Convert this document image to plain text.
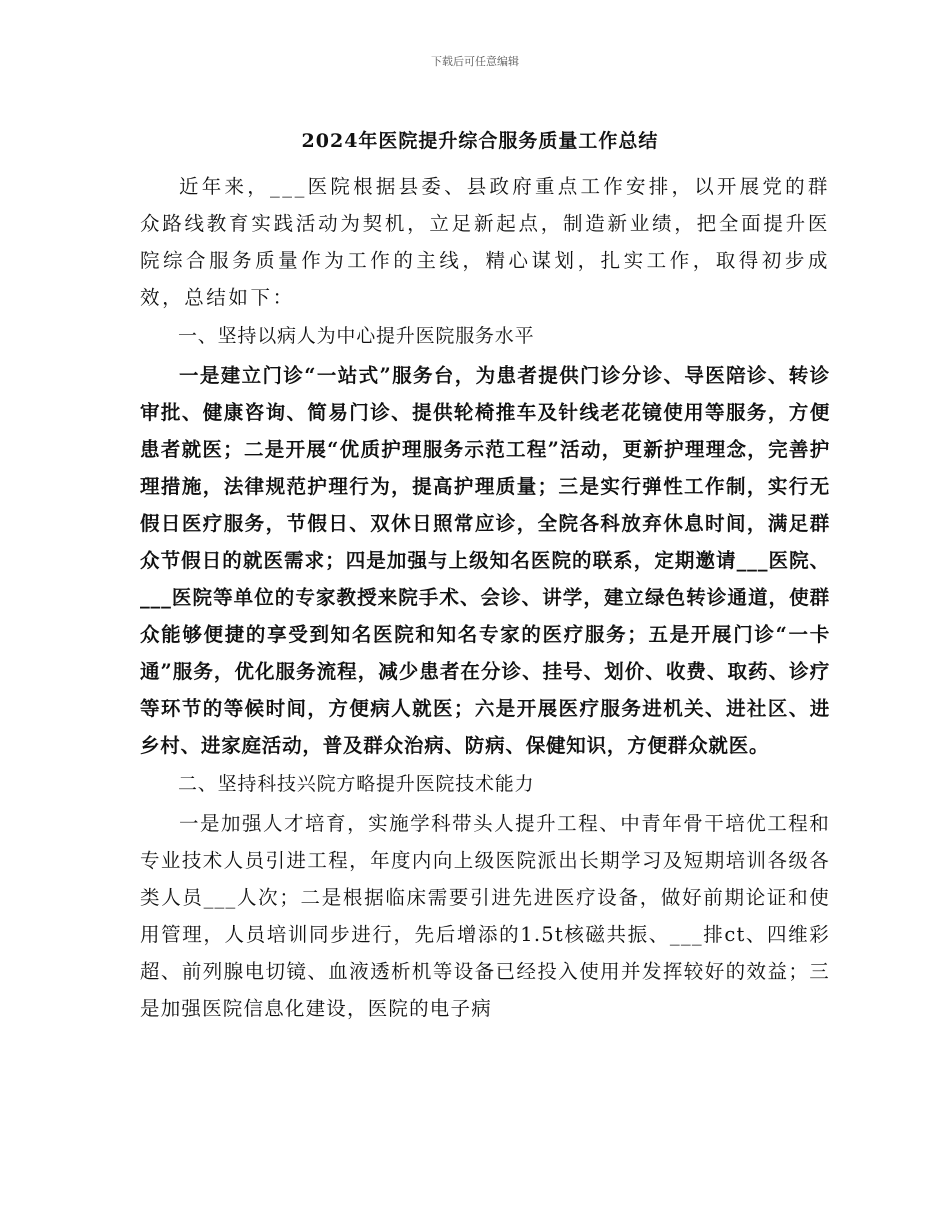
下载后可任意编辑
2024年医院提升综合服务质量工作总结

近年来，___医院根据县委、县政府重点工作安排，以开展党的群众路线教育实践活动为契机，立足新起点，制造新业绩，把全面提升医院综合服务质量作为工作的主线，精心谋划，扎实工作，取得初步成效，总结如下：

一、坚持以病人为中心提升医院服务水平

一是建立门诊“一站式”服务台，为患者提供门诊分诊、导医陪诊、转诊审批、健康咨询、简易门诊、提供轮椅推车及针线老花镜使用等服务，方便患者就医；二是开展“优质护理服务示范工程”活动，更新护理理念，完善护理措施，法律规范护理行为，提高护理质量；三是实行弹性工作制，实行无假日医疗服务，节假日、双休日照常应诊，全院各科放弃休息时间，满足群众节假日的就医需求；四是加强与上级知名医院的联系，定期邀请___医院、___医院等单位的专家教授来院手术、会诊、讲学，建立绿色转诊通道，使群众能够便捷的享受到知名医院和知名专家的医疗服务；五是开展门诊“一卡通”服务，优化服务流程，减少患者在分诊、挂号、划价、收费、取药、诊疗等环节的等候时间，方便病人就医；六是开展医疗服务进机关、进社区、进乡村、进家庭活动，普及群众治病、防病、保健知识，方便群众就医。

二、坚持科技兴院方略提升医院技术能力

一是加强人才培育，实施学科带头人提升工程、中青年骨干培优工程和专业技术人员引进工程，年度内向上级医院派出长期学习及短期培训各级各类人员___人次；二是根据临床需要引进先进医疗设备，做好前期论证和使用管理，人员培训同步进行，先后增添的1.5t核磁共振、___排ct、四维彩超、前列腺电切镜、血液透析机等设备已经投入使用并发挥较好的效益；三是加强医院信息化建设，医院的电子病
